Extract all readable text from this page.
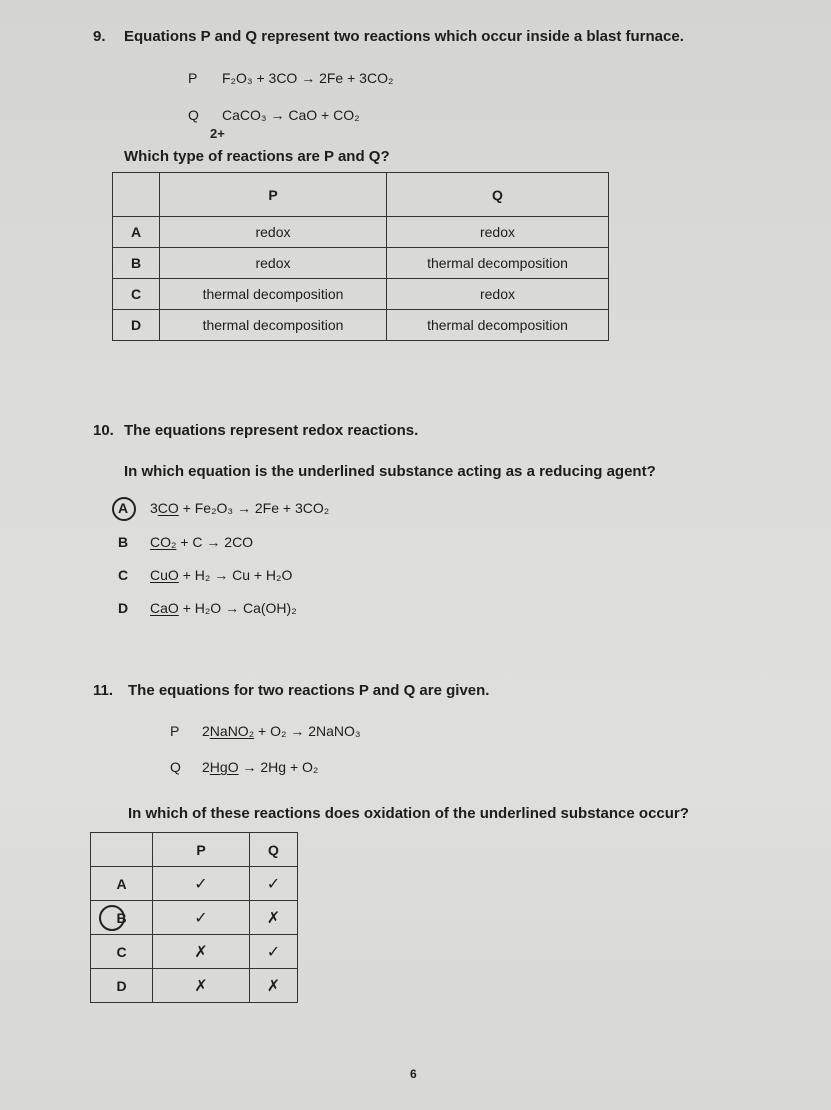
9. Equations P and Q represent two reactions which occur inside a blast furnace.
P F₂O₃ + 3CO → 2Fe + 3CO₂
Q CaCO₃ → CaO + CO₂
2+
Which type of reactions are P and Q?
	P	Q
A	redox	redox
B	redox	thermal decomposition
C	thermal decomposition	redox
D	thermal decomposition	thermal decomposition
10. The equations represent redox reactions.
In which equation is the underlined substance acting as a reducing agent?
A 3CO + Fe₂O₃ → 2Fe + 3CO₂
B CO₂ + C → 2CO
C CuO + H₂ → Cu + H₂O
D CaO + H₂O → Ca(OH)₂
11. The equations for two reactions P and Q are given.
P 2NaNO₂ + O₂ → 2NaNO₃
Q 2HgO → 2Hg + O₂
In which of these reactions does oxidation of the underlined substance occur?
	P	Q
A	✓	✓
B	✓	✗
C	✗	✓
D	✗	✗
6
